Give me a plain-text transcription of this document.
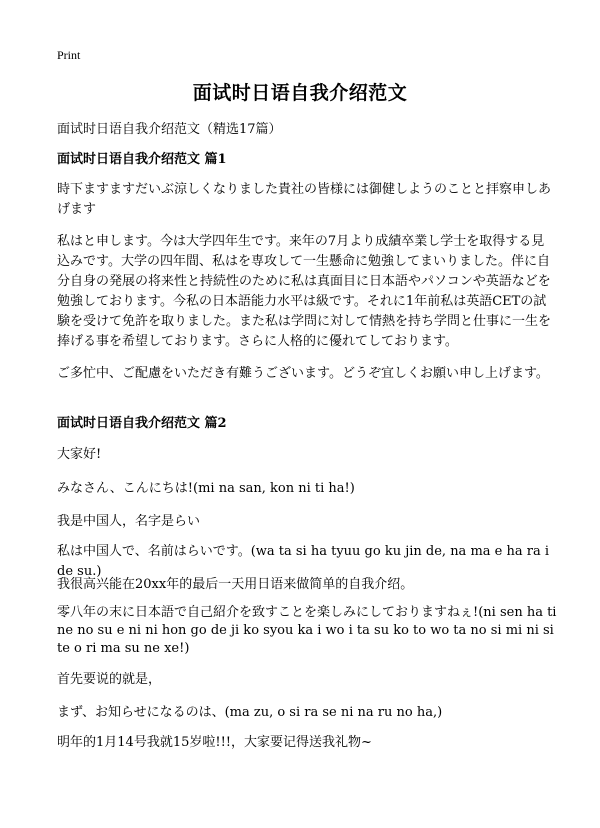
Print
面试时日语自我介绍范文
面试时日语自我介绍范文（精选17篇）
面试时日语自我介绍范文 篇1
時下ますますだいぶ涼しくなりました貴社の皆様には御健しようのことと拝察申しあげます
私はと申します。今は大学四年生です。来年の7月より成績卒業し学士を取得する見込みです。大学の四年間、私はを専攻して一生懸命に勉強してまいりました。伴に自分自身の発展の将来性と持続性のために私は真面目に日本語やパソコンや英語などを勉強しております。今私の日本語能力水平は級です。それに1年前私は英語CETの試験を受けて免許を取りました。また私は学問に対して情熱を持ち学問と仕事に一生を捧げる事を希望しております。さらに人格的に優れてしております。
ご多忙中、ご配慮をいただき有難うございます。どうぞ宜しくお願い申し上げます。
面试时日语自我介绍范文 篇2
大家好!
みなさん、こんにちは!(mi na san, kon ni ti ha!)
我是中国人，名字是らい
私は中国人で、名前はらいです。(wa ta si ha tyuu go ku jin de, na ma e ha ra i de su.)
我很高兴能在20xx年的最后一天用日语来做简单的自我介绍。
零八年の末に日本語で自己紹介を致すことを楽しみにしておりますねぇ!(ni sen ha ti ne no su e ni ni hon go de ji ko syou ka i wo i ta su ko to wo ta no si mi ni si te o ri ma su ne xe!)
首先要说的就是，
まず、お知らせになるのは、(ma zu, o si ra se ni na ru no ha,)
明年的1月14号我就15岁啦!!!，大家要记得送我礼物~
